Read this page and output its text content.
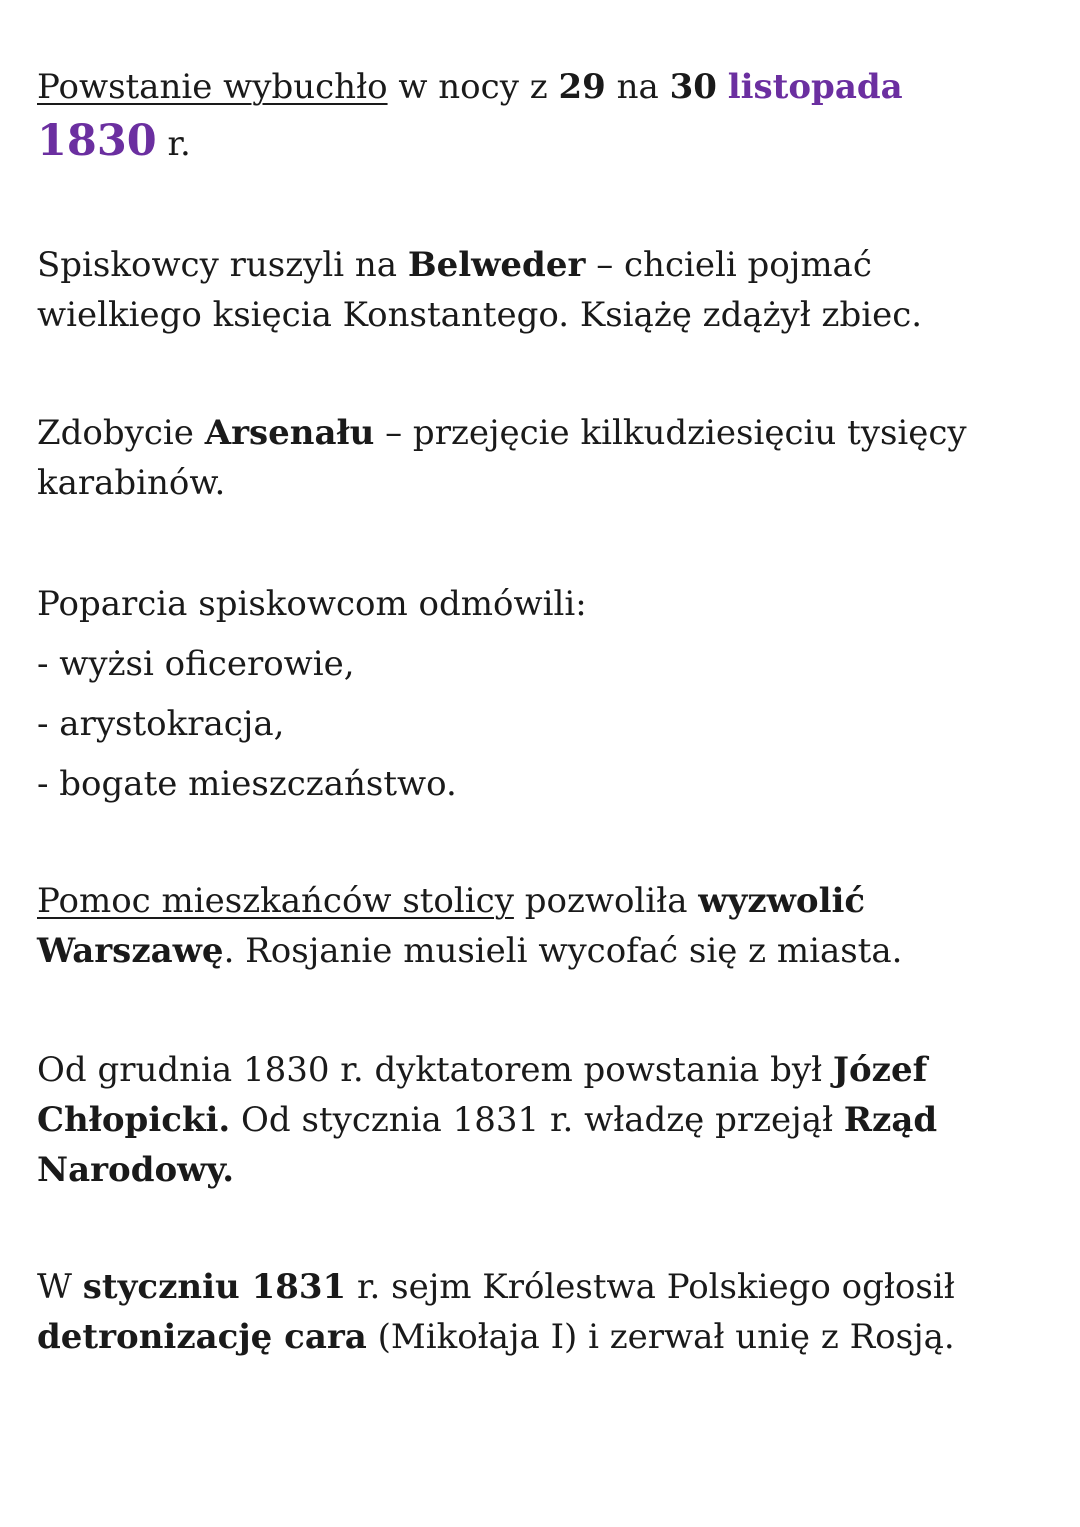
Powstanie wybuchło w nocy z 29 na 30 listopada
1830 r.

Spiskowcy ruszyli na Belweder – chcieli pojmać wielkiego księcia Konstantego. Książę zdążył zbiec.

Zdobycie Arsenału – przejęcie kilkudziesięciu tysięcy karabinów.

Poparcia spiskowcom odmówili:
- wyżsi oficerowie,
- arystokracja,
- bogate mieszczaństwo.

Pomoc mieszkańców stolicy pozwoliła wyzwolić Warszawę. Rosjanie musieli wycofać się z miasta.

Od grudnia 1830 r. dyktatorem powstania był Józef Chłopicki. Od stycznia 1831 r. władzę przejął Rząd Narodowy.

W styczniu 1831 r. sejm Królestwa Polskiego ogłosił detronizację cara (Mikołaja I) i zerwał unię z Rosją.
